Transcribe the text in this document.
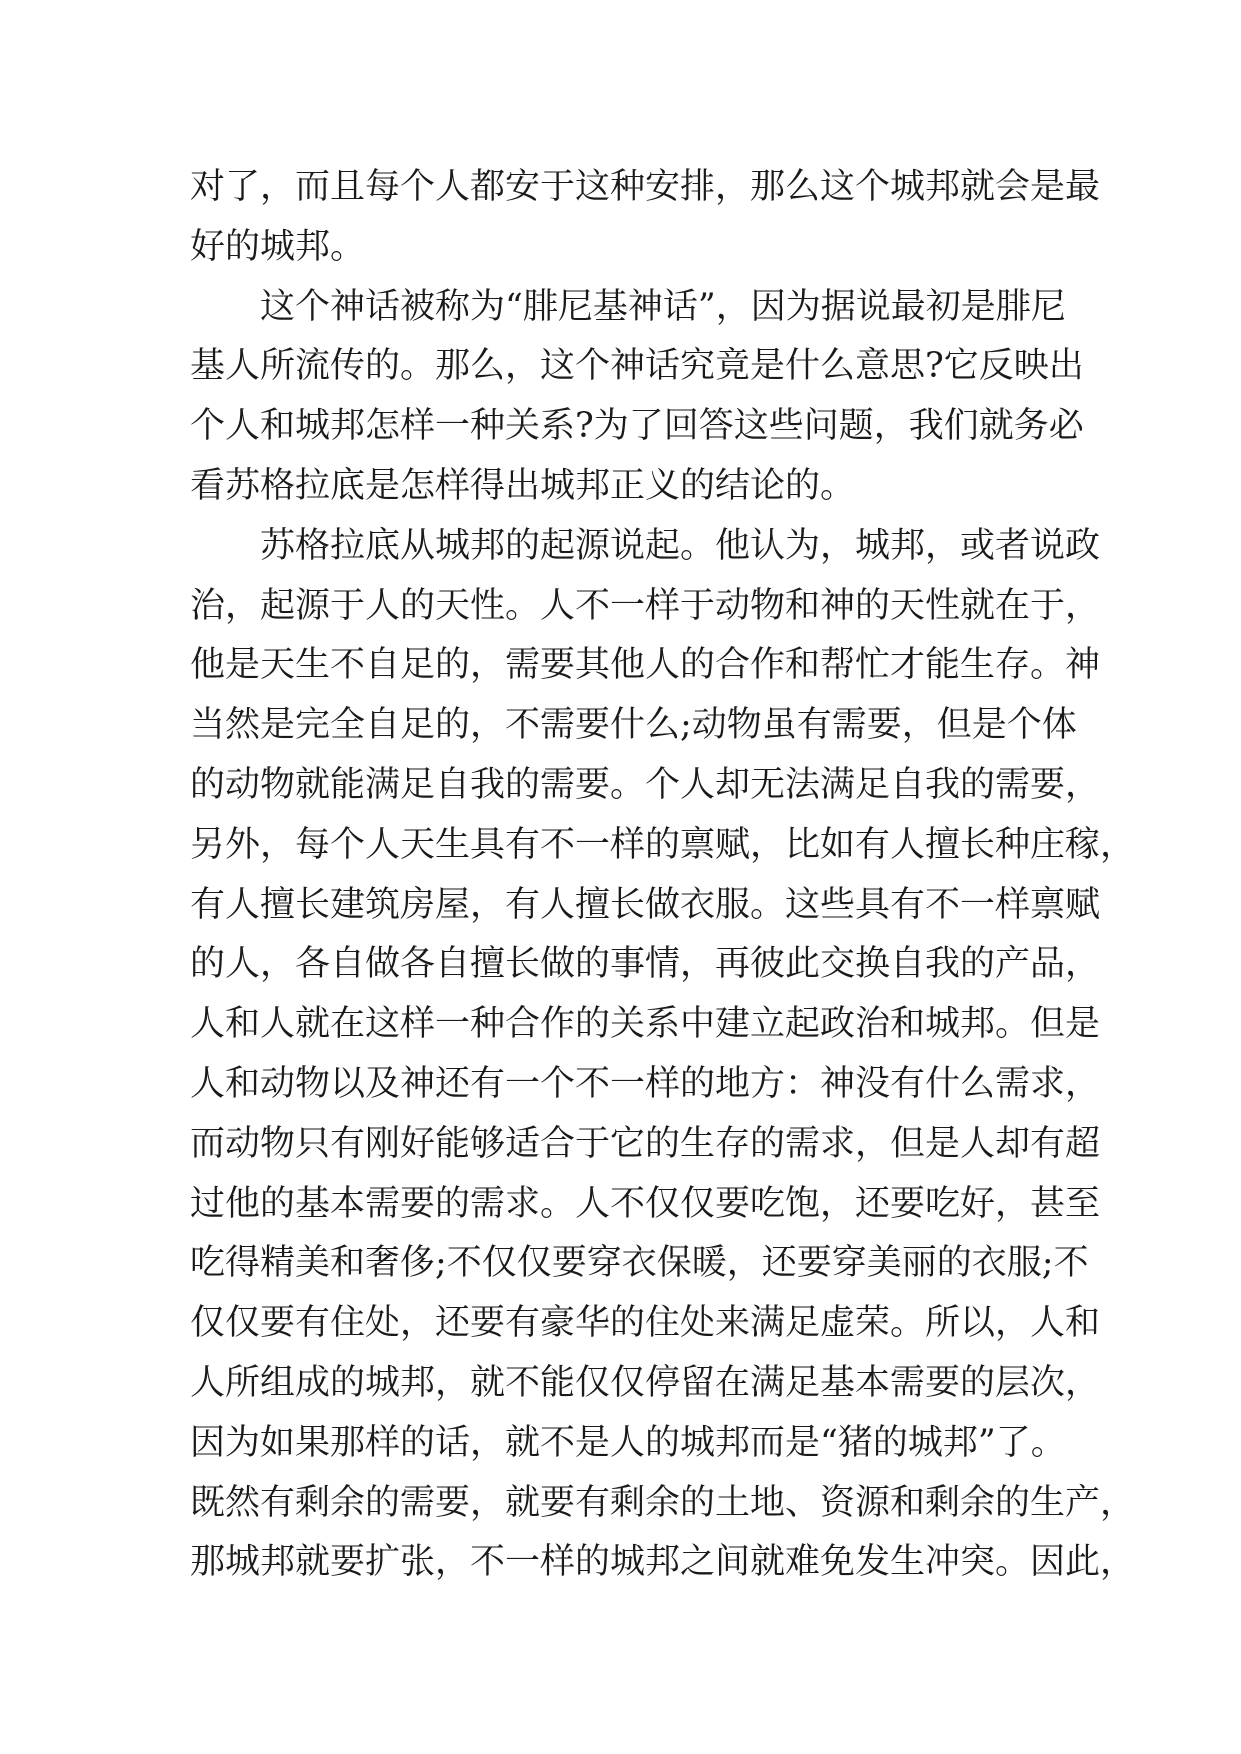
对了，而且每个人都安于这种安排，那么这个城邦就会是最
好的城邦。
这个神话被称为“腓尼基神话”，因为据说最初是腓尼
基人所流传的。那么，这个神话究竟是什么意思?它反映出
个人和城邦怎样一种关系?为了回答这些问题，我们就务必
看苏格拉底是怎样得出城邦正义的结论的。
苏格拉底从城邦的起源说起。他认为，城邦，或者说政
治，起源于人的天性。人不一样于动物和神的天性就在于，
他是天生不自足的，需要其他人的合作和帮忙才能生存。神
当然是完全自足的，不需要什么;动物虽有需要，但是个体
的动物就能满足自我的需要。个人却无法满足自我的需要，
另外，每个人天生具有不一样的禀赋，比如有人擅长种庄稼，
有人擅长建筑房屋，有人擅长做衣服。这些具有不一样禀赋
的人，各自做各自擅长做的事情，再彼此交换自我的产品，
人和人就在这样一种合作的关系中建立起政治和城邦。但是
人和动物以及神还有一个不一样的地方：神没有什么需求，
而动物只有刚好能够适合于它的生存的需求，但是人却有超
过他的基本需要的需求。人不仅仅要吃饱，还要吃好，甚至
吃得精美和奢侈;不仅仅要穿衣保暖，还要穿美丽的衣服;不
仅仅要有住处，还要有豪华的住处来满足虚荣。所以，人和
人所组成的城邦，就不能仅仅停留在满足基本需要的层次，
因为如果那样的话，就不是人的城邦而是“猪的城邦”了。
既然有剩余的需要，就要有剩余的土地、资源和剩余的生产，
那城邦就要扩张，不一样的城邦之间就难免发生冲突。因此，
